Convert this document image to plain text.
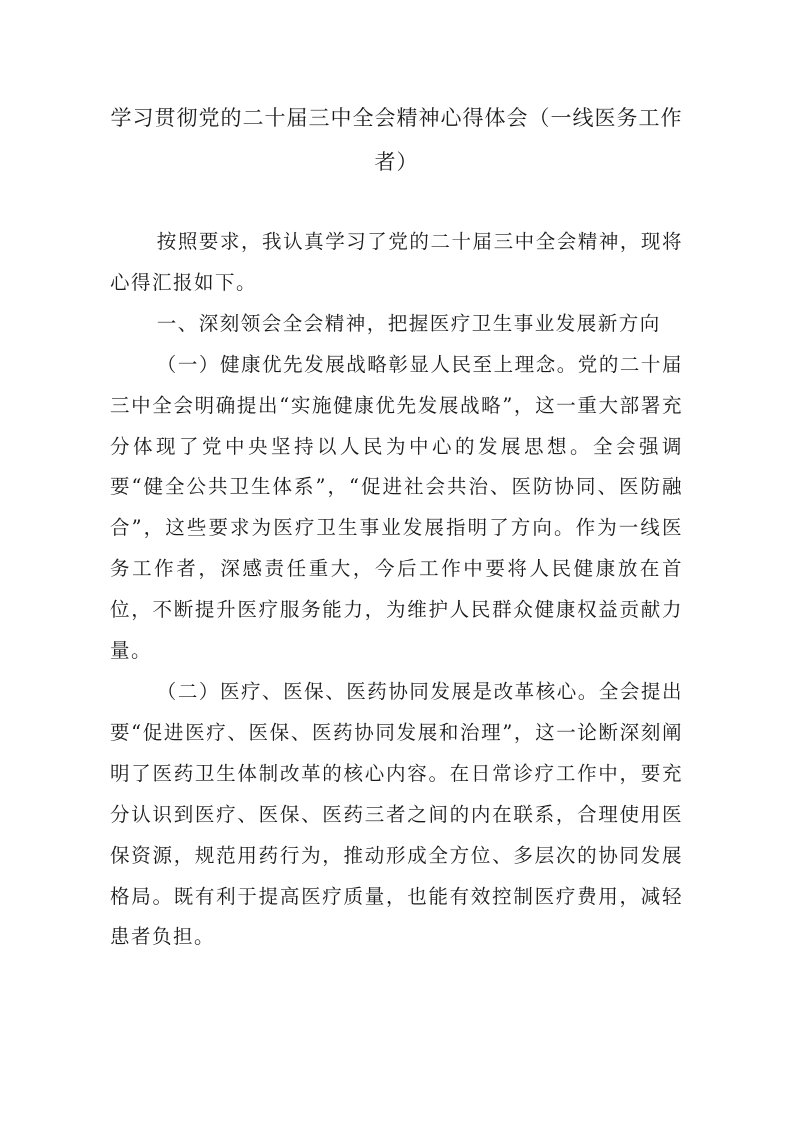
学习贯彻党的二十届三中全会精神心得体会（一线医务工作者）

按照要求，我认真学习了党的二十届三中全会精神，现将心得汇报如下。

一、深刻领会全会精神，把握医疗卫生事业发展新方向

（一）健康优先发展战略彰显人民至上理念。党的二十届三中全会明确提出“实施健康优先发展战略”，这一重大部署充分体现了党中央坚持以人民为中心的发展思想。全会强调要“健全公共卫生体系”，“促进社会共治、医防协同、医防融合”，这些要求为医疗卫生事业发展指明了方向。作为一线医务工作者，深感责任重大，今后工作中要将人民健康放在首位，不断提升医疗服务能力，为维护人民群众健康权益贡献力量。

（二）医疗、医保、医药协同发展是改革核心。全会提出要“促进医疗、医保、医药协同发展和治理”，这一论断深刻阐明了医药卫生体制改革的核心内容。在日常诊疗工作中，要充分认识到医疗、医保、医药三者之间的内在联系，合理使用医保资源，规范用药行为，推动形成全方位、多层次的协同发展格局。既有利于提高医疗质量，也能有效控制医疗费用，减轻患者负担。
